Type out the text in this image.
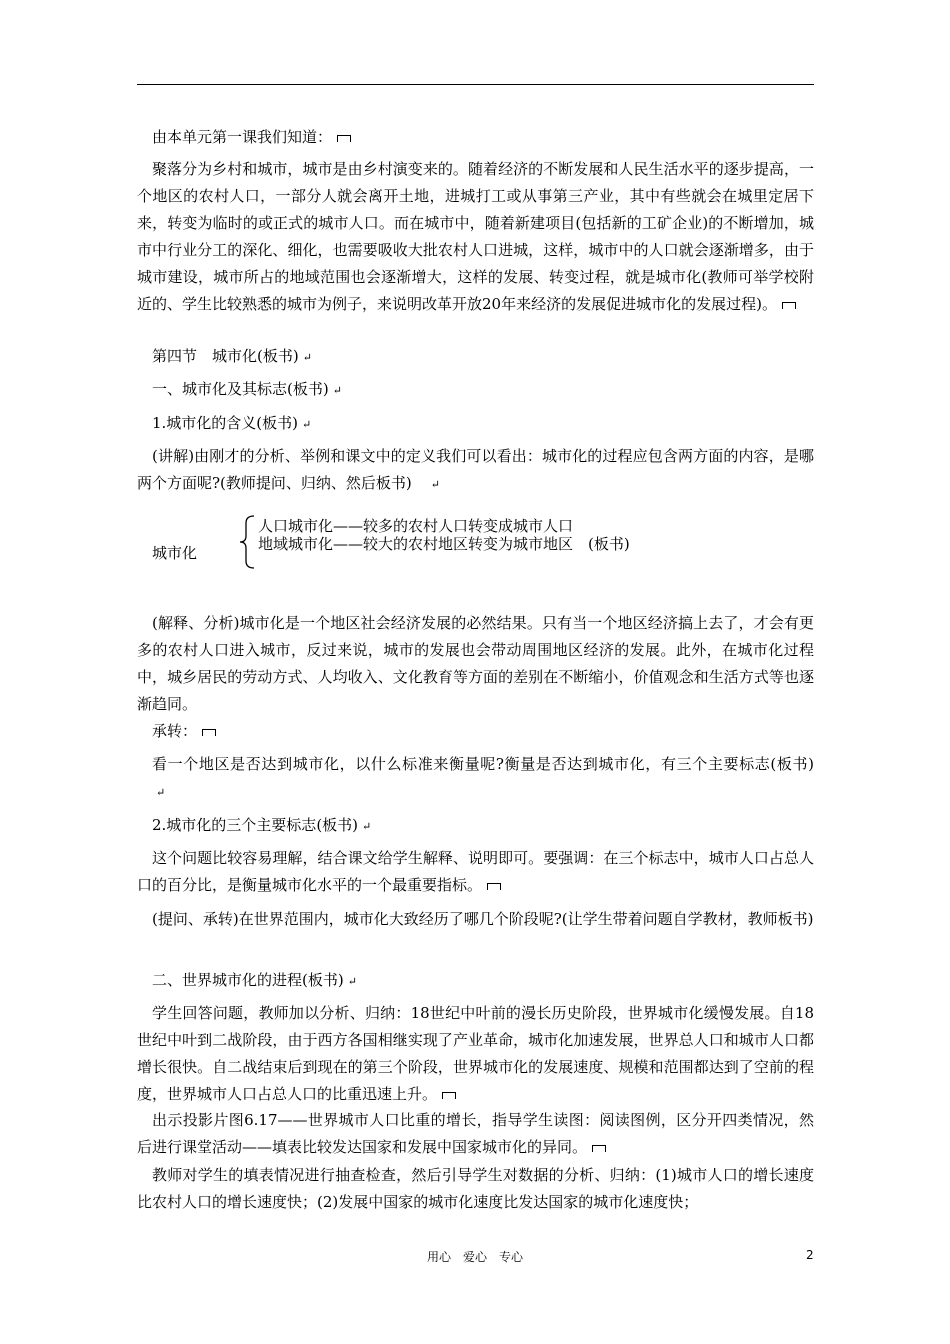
由本单元第一课我们知道：
聚落分为乡村和城市，城市是由乡村演变来的。随着经济的不断发展和人民生活水平的逐步提高，一个地区的农村人口，一部分人就会离开土地，进城打工或从事第三产业，其中有些就会在城里定居下来，转变为临时的或正式的城市人口。而在城市中，随着新建项目(包括新的工矿企业)的不断增加，城市中行业分工的深化、细化，也需要吸收大批农村人口进城，这样，城市中的人口就会逐渐增多，由于城市建设，城市所占的地域范围也会逐渐增大，这样的发展、转变过程，就是城市化(教师可举学校附近的、学生比较熟悉的城市为例子，来说明改革开放20年来经济的发展促进城市化的发展过程)。
第四节　城市化(板书) ↵
一、城市化及其标志(板书) ↵
1.城市化的含义(板书) ↵
(讲解)由刚才的分析、举例和课文中的定义我们可以看出：城市化的过程应包含两方面的内容，是哪两个方面呢?(教师提问、归纳、然后板书) ↵
城市化
人口城市化——较多的农村人口转变成城市人口
地域城市化——较大的农村地区转变为城市地区　(板书)
(解释、分析)城市化是一个地区社会经济发展的必然结果。只有当一个地区经济搞上去了，才会有更多的农村人口进入城市，反过来说，城市的发展也会带动周围地区经济的发展。此外，在城市化过程中，城乡居民的劳动方式、人均收入、文化教育等方面的差别在不断缩小，价值观念和生活方式等也逐渐趋同。
承转：
看一个地区是否达到城市化，以什么标准来衡量呢?衡量是否达到城市化，有三个主要标志(板书)↵
2.城市化的三个主要标志(板书) ↵
这个问题比较容易理解，结合课文给学生解释、说明即可。要强调：在三个标志中，城市人口占总人口的百分比，是衡量城市化水平的一个最重要指标。
(提问、承转)在世界范围内，城市化大致经历了哪几个阶段呢?(让学生带着问题自学教材，教师板书)
二、世界城市化的进程(板书) ↵
学生回答问题，教师加以分析、归纳：18世纪中叶前的漫长历史阶段，世界城市化缓慢发展。自18世纪中叶到二战阶段，由于西方各国相继实现了产业革命，城市化加速发展，世界总人口和城市人口都增长很快。自二战结束后到现在的第三个阶段，世界城市化的发展速度、规模和范围都达到了空前的程度，世界城市人口占总人口的比重迅速上升。
出示投影片图6.17——世界城市人口比重的增长，指导学生读图：阅读图例，区分开四类情况，然后进行课堂活动——填表比较发达国家和发展中国家城市化的异同。
教师对学生的填表情况进行抽查检查，然后引导学生对数据的分析、归纳：(1)城市人口的增长速度比农村人口的增长速度快；(2)发展中国家的城市化速度比发达国家的城市化速度快；
用心　爱心　专心	2
